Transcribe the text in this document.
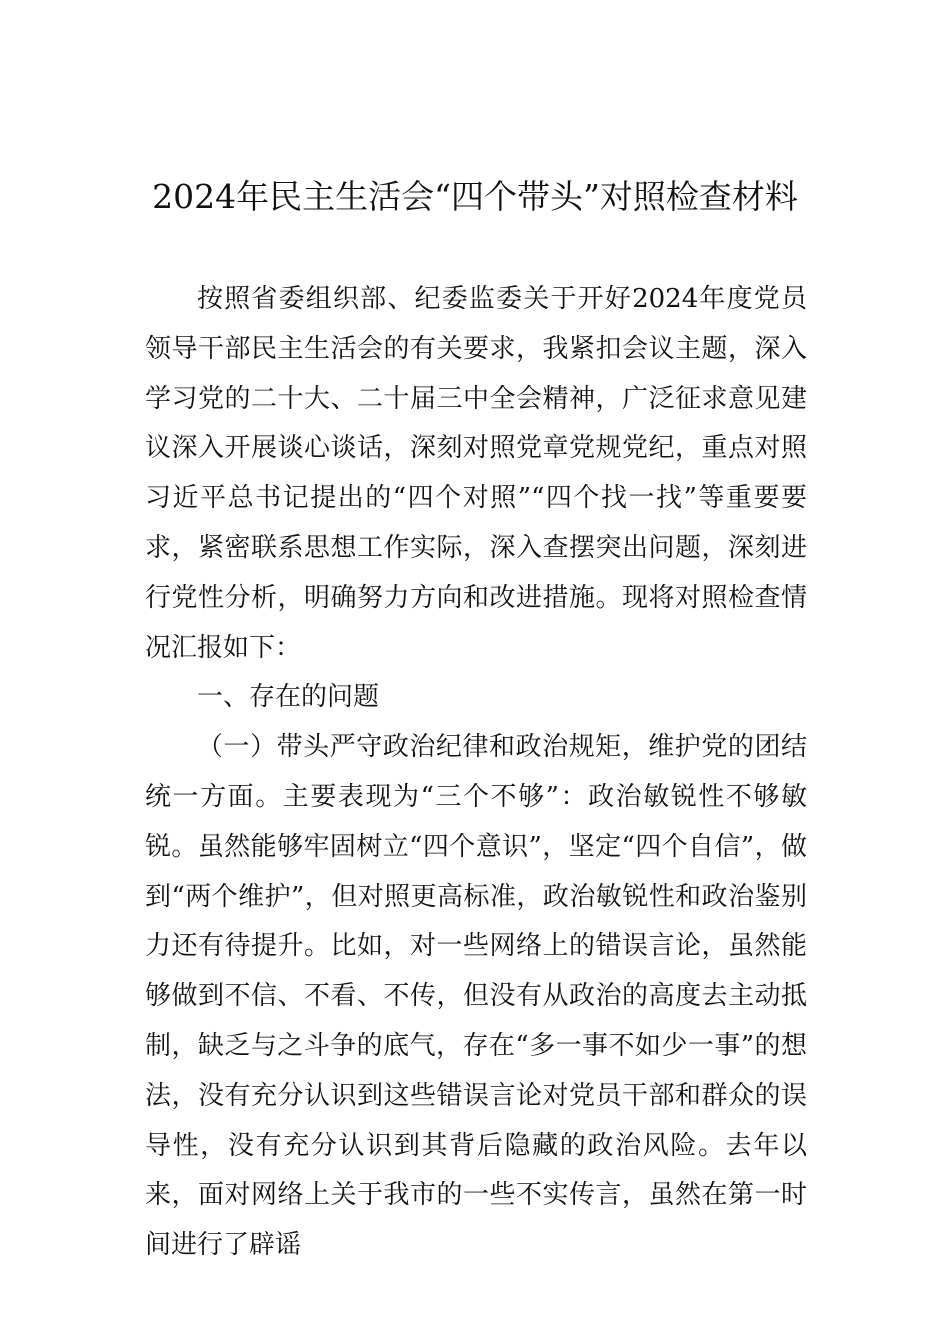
2024年民主生活会“四个带头”对照检查材料

按照省委组织部、纪委监委关于开好2024年度党员领导干部民主生活会的有关要求，我紧扣会议主题，深入学习党的二十大、二十届三中全会精神，广泛征求意见建议深入开展谈心谈话，深刻对照党章党规党纪，重点对照习近平总书记提出的“四个对照”“四个找一找”等重要要求，紧密联系思想工作实际，深入查摆突出问题，深刻进行党性分析，明确努力方向和改进措施。现将对照检查情况汇报如下：

一、存在的问题

（一）带头严守政治纪律和政治规矩，维护党的团结统一方面。主要表现为“三个不够”：政治敏锐性不够敏锐。虽然能够牢固树立“四个意识”，坚定“四个自信”，做到“两个维护”，但对照更高标准，政治敏锐性和政治鉴别力还有待提升。比如，对一些网络上的错误言论，虽然能够做到不信、不看、不传，但没有从政治的高度去主动抵制，缺乏与之斗争的底气，存在“多一事不如少一事”的想法，没有充分认识到这些错误言论对党员干部和群众的误导性，没有充分认识到其背后隐藏的政治风险。去年以来，面对网络上关于我市的一些不实传言，虽然在第一时间进行了辟谣
